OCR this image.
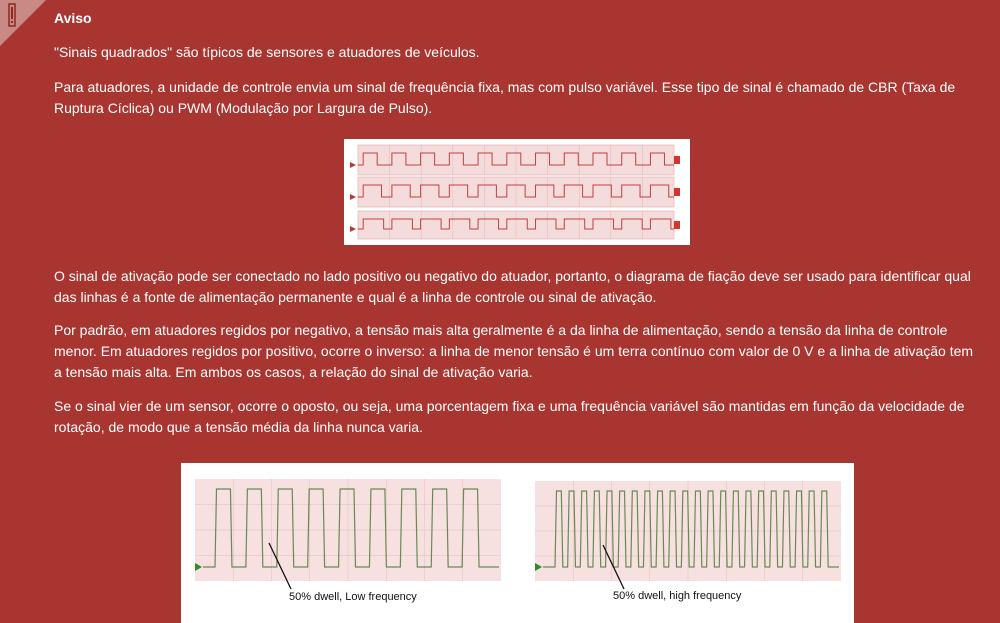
Aviso

"Sinais quadrados" são típicos de sensores e atuadores de veículos.

Para atuadores, a unidade de controle envia um sinal de frequência fixa, mas com pulso variável. Esse tipo de sinal é chamado de CBR (Taxa de Ruptura Cíclica) ou PWM (Modulação por Largura de Pulso).

O sinal de ativação pode ser conectado no lado positivo ou negativo do atuador, portanto, o diagrama de fiação deve ser usado para identificar qual das linhas é a fonte de alimentação permanente e qual é a linha de controle ou sinal de ativação.

Por padrão, em atuadores regidos por negativo, a tensão mais alta geralmente é a da linha de alimentação, sendo a tensão da linha de controle menor. Em atuadores regidos por positivo, ocorre o inverso: a linha de menor tensão é um terra contínuo com valor de 0 V e a linha de ativação tem a tensão mais alta. Em ambos os casos, a relação do sinal de ativação varia.

Se o sinal vier de um sensor, ocorre o oposto, ou seja, uma porcentagem fixa e uma frequência variável são mantidas em função da velocidade de rotação, de modo que a tensão média da linha nunca varia.

50% dwell, Low frequency	50% dwell, high frequency
